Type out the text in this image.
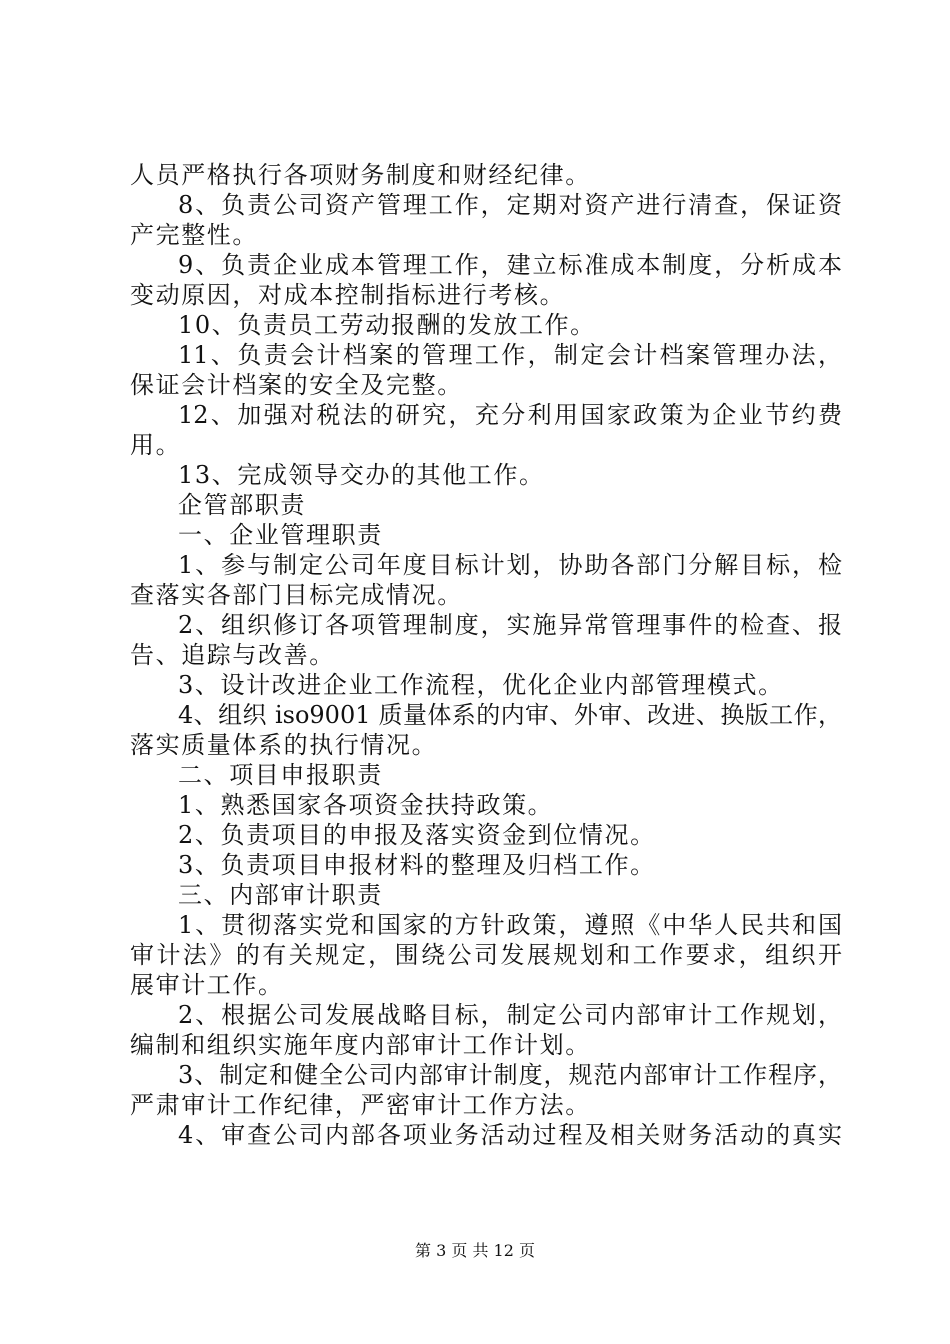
人员严格执行各项财务制度和财经纪律。
8、负责公司资产管理工作，定期对资产进行清查，保证资
产完整性。
9、负责企业成本管理工作，建立标准成本制度，分析成本
变动原因，对成本控制指标进行考核。
10、负责员工劳动报酬的发放工作。
11、负责会计档案的管理工作，制定会计档案管理办法，
保证会计档案的安全及完整。
12、加强对税法的研究，充分利用国家政策为企业节约费
用。
13、完成领导交办的其他工作。
企管部职责
一、企业管理职责
1、参与制定公司年度目标计划，协助各部门分解目标，检
查落实各部门目标完成情况。
2、组织修订各项管理制度，实施异常管理事件的检查、报
告、追踪与改善。
3、设计改进企业工作流程，优化企业内部管理模式。
4、组织 iso9001 质量体系的内审、外审、改进、换版工作，
落实质量体系的执行情况。
二、项目申报职责
1、熟悉国家各项资金扶持政策。
2、负责项目的申报及落实资金到位情况。
3、负责项目申报材料的整理及归档工作。
三、内部审计职责
1、贯彻落实党和国家的方针政策，遵照《中华人民共和国
审计法》的有关规定，围绕公司发展规划和工作要求，组织开
展审计工作。
2、根据公司发展战略目标，制定公司内部审计工作规划，
编制和组织实施年度内部审计工作计划。
3、制定和健全公司内部审计制度，规范内部审计工作程序，
严肃审计工作纪律，严密审计工作方法。
4、审查公司内部各项业务活动过程及相关财务活动的真实
第 3 页 共 12 页
